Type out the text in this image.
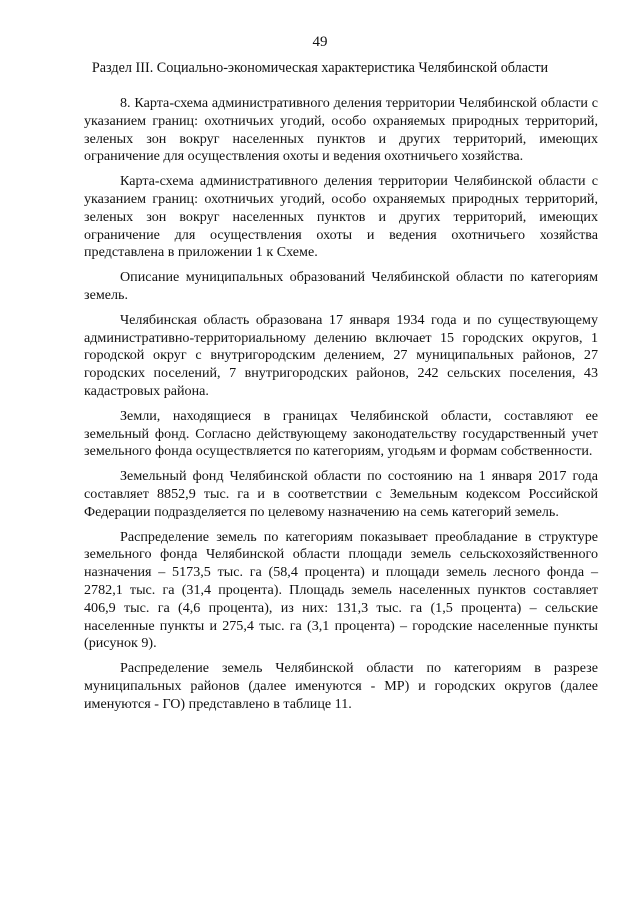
49
Раздел III. Социально-экономическая характеристика Челябинской области

8. Карта-схема административного деления территории Челябинской области с указанием границ: охотничьих угодий, особо охраняемых природных территорий, зеленых зон вокруг населенных пунктов и других территорий, имеющих ограничение для осуществления охоты и ведения охотничьего хозяйства.

Карта-схема административного деления территории Челябинской области с указанием границ: охотничьих угодий, особо охраняемых природных территорий, зеленых зон вокруг населенных пунктов и других территорий, имеющих ограничение для осуществления охоты и ведения охотничьего хозяйства представлена в приложении 1 к Схеме.

Описание муниципальных образований Челябинской области по категориям земель.

Челябинская область образована 17 января 1934 года и по существующему административно-территориальному делению включает 15 городских округов, 1 городской округ с внутригородским делением, 27 муниципальных районов, 27 городских поселений, 7 внутригородских районов, 242 сельских поселения, 43 кадастровых района.

Земли, находящиеся в границах Челябинской области, составляют ее земельный фонд. Согласно действующему законодательству государственный учет земельного фонда осуществляется по категориям, угодьям и формам собственности.

Земельный фонд Челябинской области по состоянию на 1 января 2017 года составляет 8852,9 тыс. га и в соответствии с Земельным кодексом Российской Федерации подразделяется по целевому назначению на семь категорий земель.

Распределение земель по категориям показывает преобладание в структуре земельного фонда Челябинской области площади земель сельскохозяйственного назначения – 5173,5 тыс. га (58,4 процента) и площади земель лесного фонда – 2782,1 тыс. га (31,4 процента). Площадь земель населенных пунктов составляет 406,9 тыс. га (4,6 процента), из них: 131,3 тыс. га (1,5 процента) – сельские населенные пункты и 275,4 тыс. га (3,1 процента) – городские населенные пункты (рисунок 9).

Распределение земель Челябинской области по категориям в разрезе муниципальных районов (далее именуются - МР) и городских округов (далее именуются - ГО) представлено в таблице 11.
